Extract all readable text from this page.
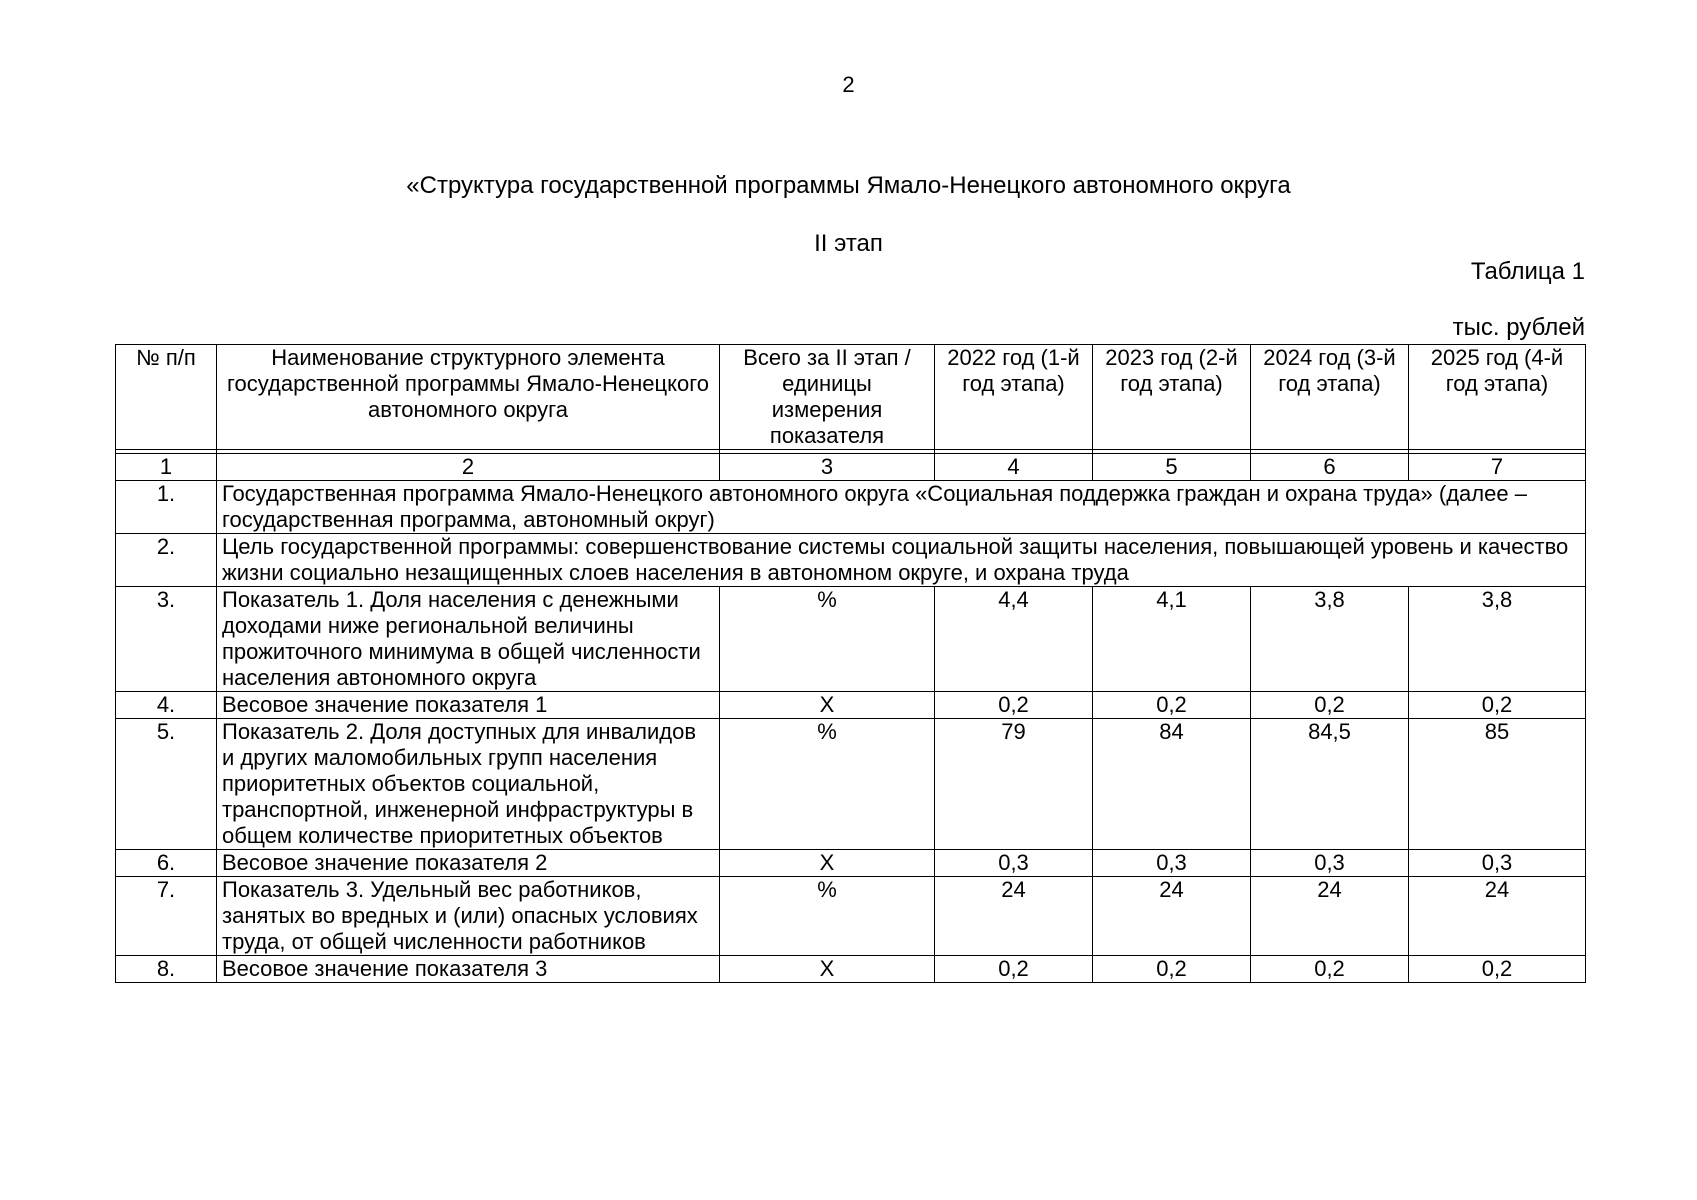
2
«Структура государственной программы Ямало-Ненецкого автономного округа
II этап
Таблица 1
тыс. рублей
№ п/п	Наименование структурного элемента государственной программы Ямало-Ненецкого автономного округа	Всего за II этап / единицы измерения показателя	2022 год (1-й год этапа)	2023 год (2-й год этапа)	2024 год (3-й год этапа)	2025 год (4-й год этапа)

1	2	3	4	5	6	7
1.	Государственная программа Ямало-Ненецкого автономного округа «Социальная поддержка граждан и охрана труда» (далее – государственная программа, автономный округ)					
2.	Цель государственной программы: совершенствование системы социальной защиты населения, повышающей уровень и качество жизни социально незащищенных слоев населения в автономном округе, и охрана труда					
3.	Показатель 1. Доля населения с денежными доходами ниже региональной величины прожиточного минимума в общей численности населения автономного округа	%	4,4	4,1	3,8	3,8
4.	Весовое значение показателя 1	Х	0,2	0,2	0,2	0,2
5.	Показатель 2. Доля доступных для инвалидов и других маломобильных групп населения приоритетных объектов социальной, транспортной, инженерной инфраструктуры в общем количестве приоритетных объектов	%	79	84	84,5	85
6.	Весовое значение показателя 2	Х	0,3	0,3	0,3	0,3
7.	Показатель 3. Удельный вес работников, занятых во вредных и (или) опасных условиях труда, от общей численности работников	%	24	24	24	24
8.	Весовое значение показателя 3	Х	0,2	0,2	0,2	0,2
